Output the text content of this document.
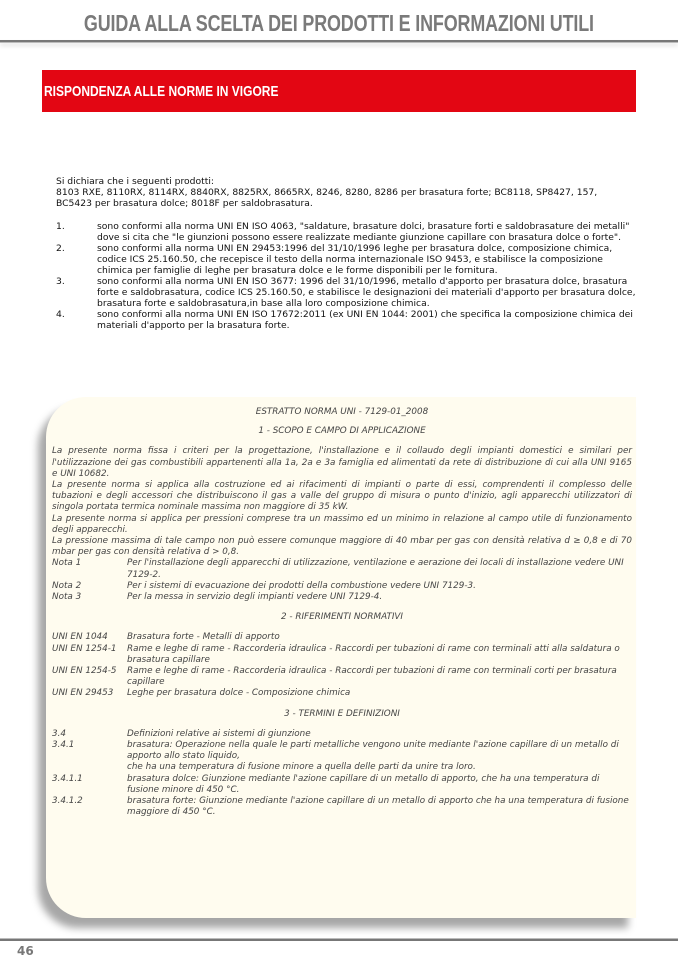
GUIDA ALLA SCELTA DEI PRODOTTI E INFORMAZIONI UTILI
RISPONDENZA ALLE NORME IN VIGORE

Si dichiara che i seguenti prodotti:

8103 RXE, 8110RX, 8114RX, 8840RX, 8825RX, 8665RX, 8246, 8280, 8286 per brasatura forte; BC8118, SP8427, 157, BC5423 per brasatura dolce; 8018F per saldobrasatura.

1.	sono conformi alla norma UNI EN ISO 4063, "saldature, brasature dolci, brasature forti e saldobrasature dei metalli" dove si cita che "le giunzioni possono essere realizzate mediante giunzione capillare con brasatura dolce o forte".
2.	sono conformi alla norma UNI EN 29453:1996 del 31/10/1996 leghe per brasatura dolce, composizione chimica, codice ICS 25.160.50, che recepisce il testo della norma internazionale ISO 9453, e stabilisce la composizione chimica per famiglie di leghe per brasatura dolce e le forme disponibili per le fornitura.
3.	sono conformi alla norma UNI EN ISO 3677: 1996 del 31/10/1996, metallo d'apporto per brasatura dolce, brasatura forte e saldobrasatura, codice ICS 25.160.50, e stabilisce le designazioni dei materiali d'apporto per brasatura dolce, brasatura forte e saldobrasatura,in base alla loro composizione chimica.
4.	sono conformi alla norma UNI EN ISO 17672:2011 (ex UNI EN 1044: 2001) che specifica la composizione chimica dei materiali d'apporto per la brasatura forte.

ESTRATTO NORMA UNI - 7129-01_2008

1 - SCOPO E CAMPO DI APPLICAZIONE

La presente norma fissa i criteri per la progettazione, l'installazione e il collaudo degli impianti domestici e similari per l'utilizzazione dei gas combustibili appartenenti alla 1a, 2a e 3a famiglia ed alimentati da rete di distribuzione di cui alla UNI 9165 e UNI 10682.

La presente norma si applica alla costruzione ed ai rifacimenti di impianti o parte di essi, comprendenti il complesso delle tubazioni e degli accessori che distribuiscono il gas a valle del gruppo di misura o punto d'inizio, agli apparecchi utilizzatori di singola portata termica nominale massima non maggiore di 35 kW.

La presente norma si applica per pressioni comprese tra un massimo ed un minimo in relazione al campo utile di funzionamento degli apparecchi.

La pressione massima di tale campo non può essere comunque maggiore di 40 mbar per gas con densità relativa d ≥ 0,8 e di 70 mbar per gas con densità relativa d > 0,8.

Nota 1	Per l'installazione degli apparecchi di utilizzazione, ventilazione e aerazione dei locali di installazione vedere UNI 7129-2.
Nota 2	Per i sistemi di evacuazione dei prodotti della combustione vedere UNI 7129-3.
Nota 3	Per la messa in servizio degli impianti vedere UNI 7129-4.

2 - RIFERIMENTI NORMATIVI

UNI EN 1044	Brasatura forte - Metalli di apporto
UNI EN 1254-1	Rame e leghe di rame - Raccorderia idraulica - Raccordi per tubazioni di rame con terminali atti alla saldatura o brasatura capillare
UNI EN 1254-5	Rame e leghe di rame - Raccorderia idraulica - Raccordi per tubazioni di rame con terminali corti per brasatura capillare
UNI EN 29453	Leghe per brasatura dolce - Composizione chimica

3 - TERMINI E DEFINIZIONI

3.4	Definizioni relative ai sistemi di giunzione
3.4.1	brasatura: Operazione nella quale le parti metalliche vengono unite mediante l'azione capillare di un metallo di apporto allo stato liquido,
che ha una temperatura di fusione minore a quella delle parti da unire tra loro.
3.4.1.1	brasatura dolce: Giunzione mediante l'azione capillare di un metallo di apporto, che ha una temperatura di fusione minore di 450 °C.
3.4.1.2	brasatura forte: Giunzione mediante l'azione capillare di un metallo di apporto che ha una temperatura di fusione maggiore di 450 °C.
46
